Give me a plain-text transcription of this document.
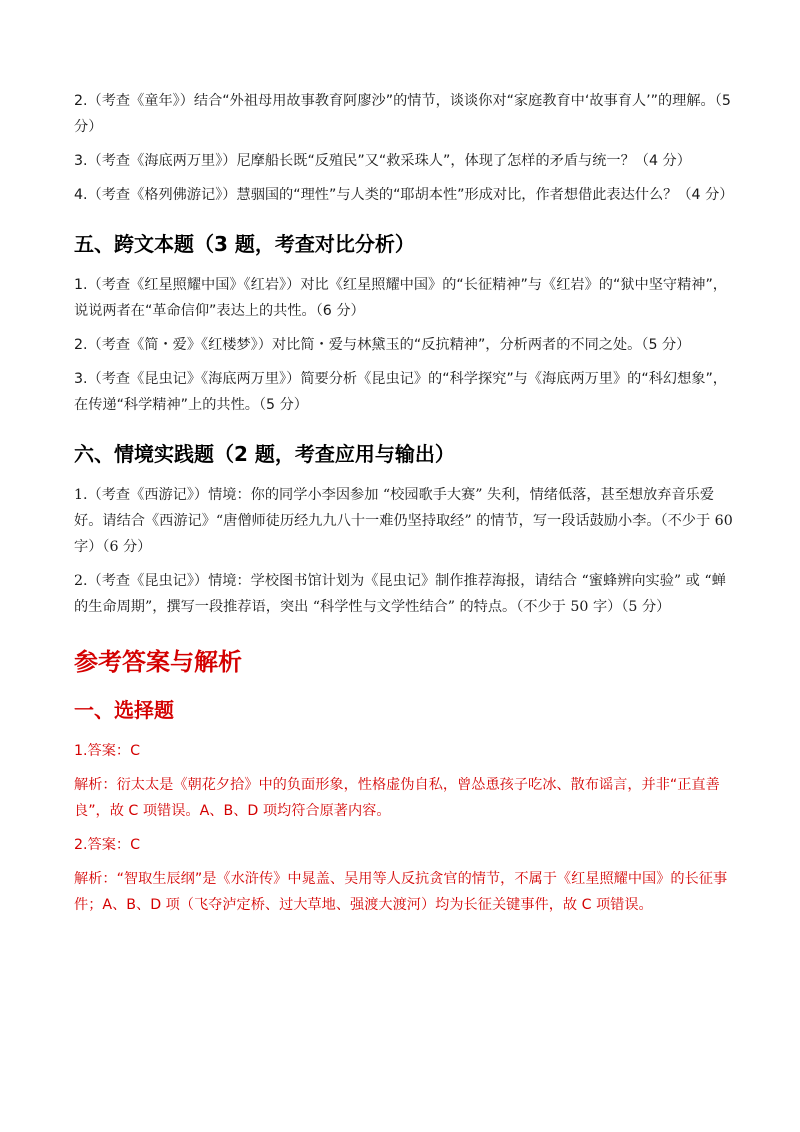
2.（考查《童年》）结合“外祖母用故事教育阿廖沙”的情节，谈谈你对“家庭教育中‘故事育人’”的理解。（5 分）

3.（考查《海底两万里》）尼摩船长既“反殖民”又“救采珠人”，体现了怎样的矛盾与统一？（4 分）

4.（考查《格列佛游记》）慧骃国的“理性”与人类的“耶胡本性”形成对比，作者想借此表达什么？（4 分）

五、跨文本题（3 题，考查对比分析）

1.（考查《红星照耀中国》《红岩》）对比《红星照耀中国》的“长征精神”与《红岩》的“狱中坚守精神”，说说两者在“革命信仰”表达上的共性。（6 分）

2.（考查《简・爱》《红楼梦》）对比简・爱与林黛玉的“反抗精神”，分析两者的不同之处。（5 分）

3.（考查《昆虫记》《海底两万里》）简要分析《昆虫记》的“科学探究”与《海底两万里》的“科幻想象”，在传递“科学精神”上的共性。（5 分）

六、情境实践题（2 题，考查应用与输出）

1.（考查《西游记》）情境：你的同学小李因参加 “校园歌手大赛” 失利，情绪低落，甚至想放弃音乐爱好。请结合《西游记》“唐僧师徒历经九九八十一难仍坚持取经” 的情节，写一段话鼓励小李。（不少于 60 字）（6 分）

2.（考查《昆虫记》）情境：学校图书馆计划为《昆虫记》制作推荐海报，请结合 “蜜蜂辨向实验” 或 “蝉的生命周期”，撰写一段推荐语，突出 “科学性与文学性结合” 的特点。（不少于 50 字）（5 分）

参考答案与解析
一、选择题

1.答案：C

解析：衍太太是《朝花夕拾》中的负面形象，性格虚伪自私，曾怂恿孩子吃冰、散布谣言，并非“正直善良”，故 C 项错误。A、B、D 项均符合原著内容。

2.答案：C

解析：“智取生辰纲”是《水浒传》中晁盖、吴用等人反抗贪官的情节，不属于《红星照耀中国》的长征事件；A、B、D 项（飞夺泸定桥、过大草地、强渡大渡河）均为长征关键事件，故 C 项错误。
